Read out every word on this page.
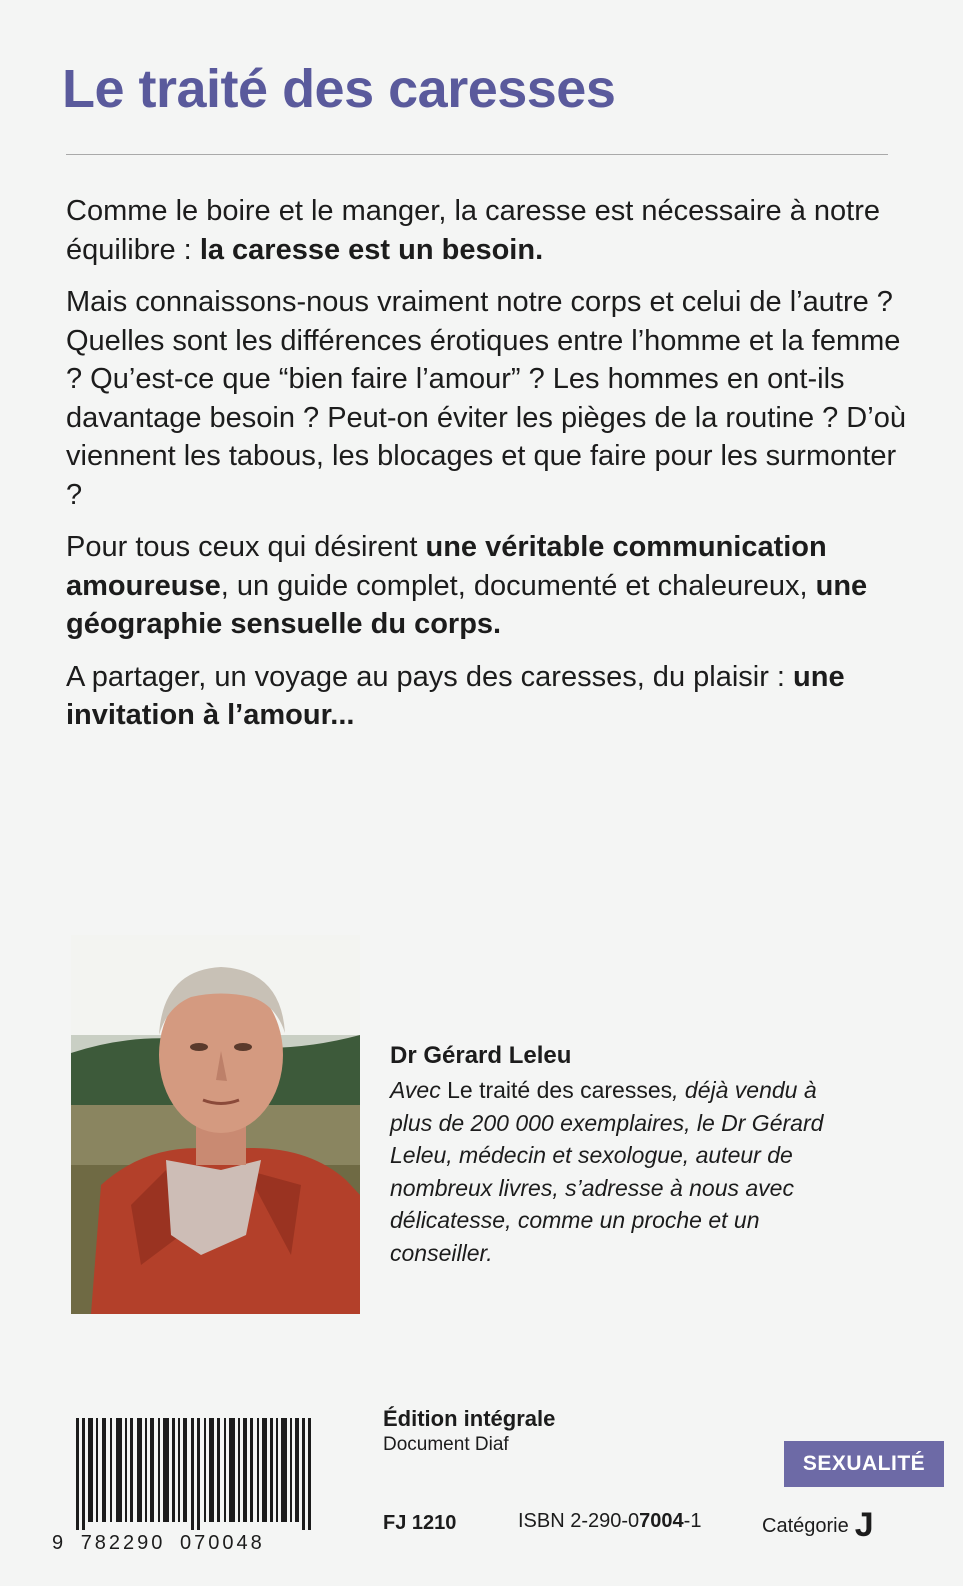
Le traité des caresses

Comme le boire et le manger, la caresse est nécessaire à notre équilibre : la caresse est un besoin.

Mais connaissons-nous vraiment notre corps et celui de l’autre ? Quelles sont les différences érotiques entre l’homme et la femme ? Qu’est-ce que “bien faire l’amour” ? Les hommes en ont-ils davantage besoin ? Peut-on éviter les pièges de la routine ? D’où viennent les tabous, les blocages et que faire pour les surmonter ?

Pour tous ceux qui désirent une véritable communication amoureuse, un guide complet, documenté et chaleureux, une géographie sensuelle du corps.

A partager, un voyage au pays des caresses, du plaisir : une invitation à l’amour...

Dr Gérard Leleu

Avec Le traité des caresses, déjà vendu à plus de 200 000 exemplaires, le Dr Gérard Leleu, médecin et sexologue, auteur de nombreux livres, s’adresse à nous avec délicatesse, comme un proche et un conseiller.

9 782290 070048
Édition intégrale
Document Diaf
SEXUALITÉ
FJ 1210	ISBN 2-290-07004-1	Catégorie J
